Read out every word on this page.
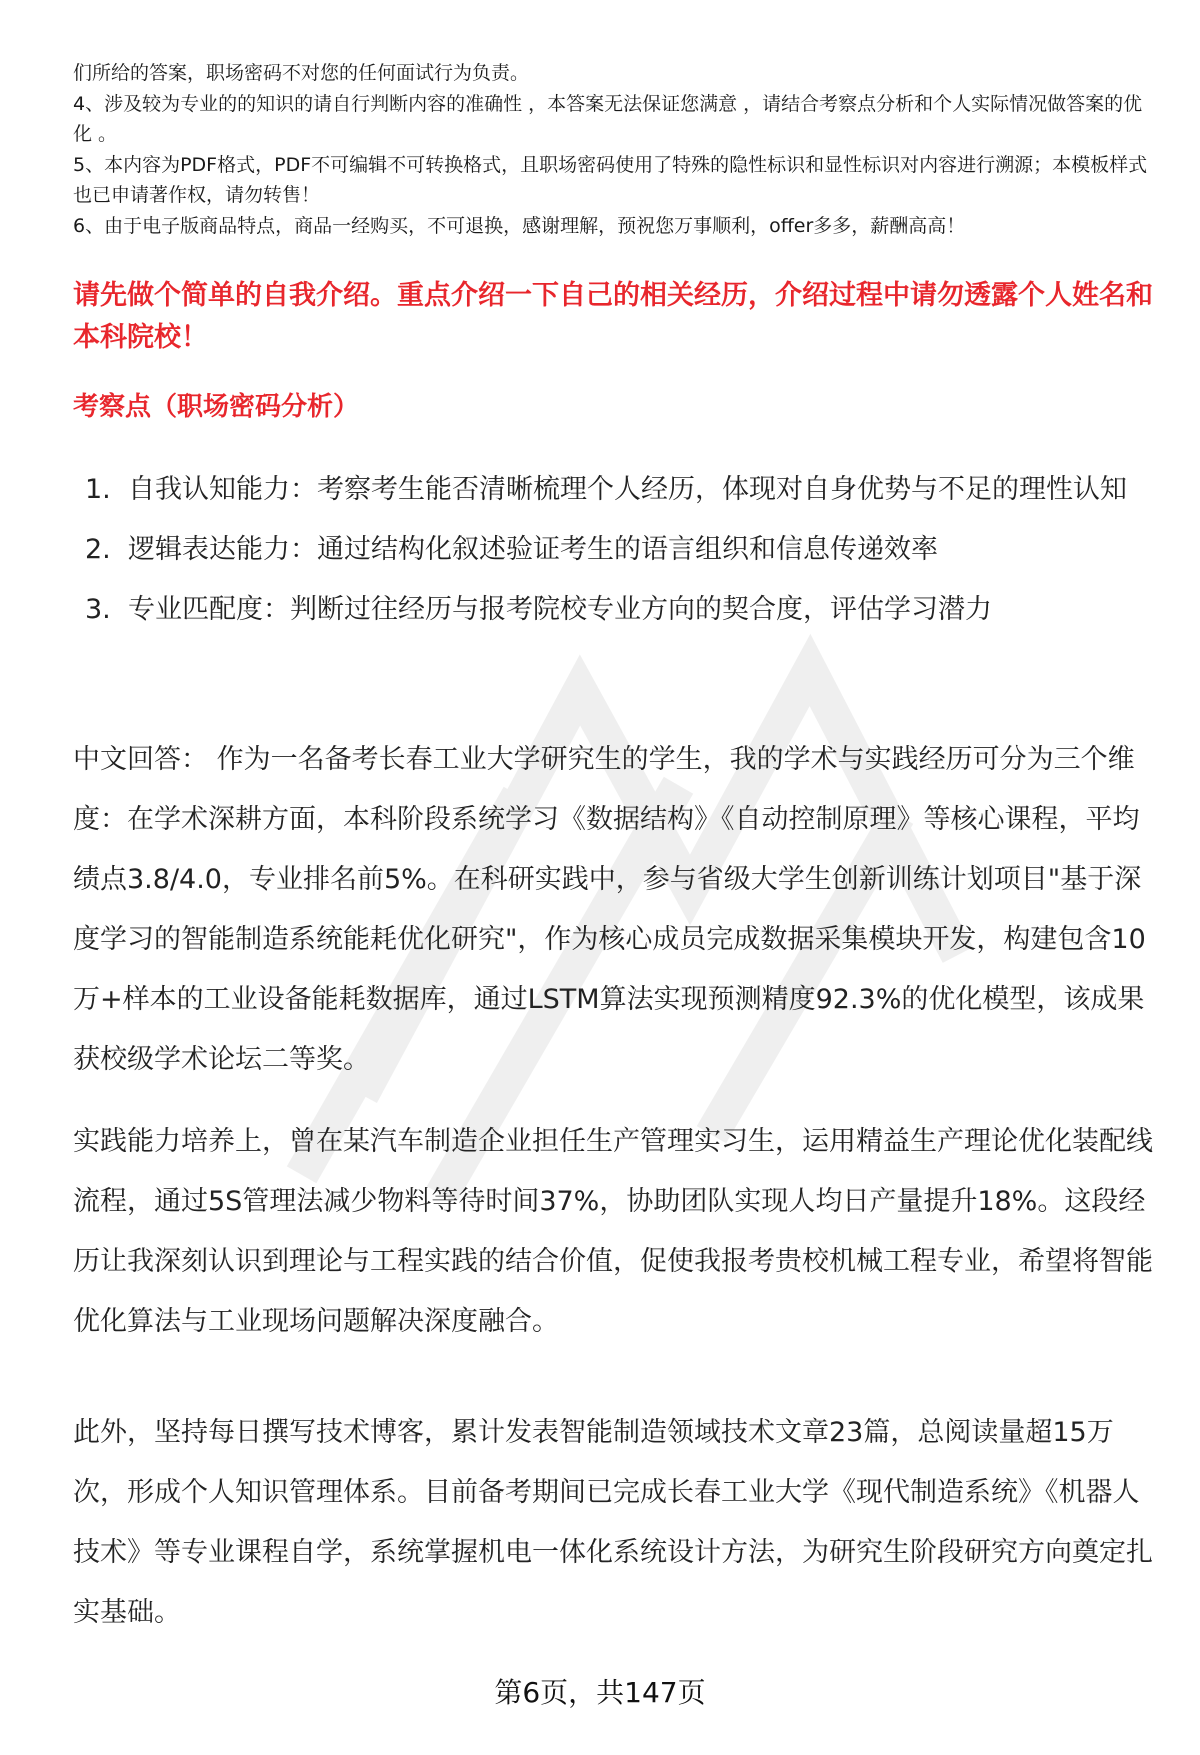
们所给的答案，职场密码不对您的任何面试行为负责。

4、涉及较为专业的的知识的请自行判断内容的准确性 ，本答案无法保证您满意 ，请结合考察点分析和个人实际情况做答案的优化 。

5、本内容为PDF格式，PDF不可编辑不可转换格式，且职场密码使用了特殊的隐性标识和显性标识对内容进行溯源；本模板样式也已申请著作权，请勿转售！

6、由于电子版商品特点，商品一经购买，不可退换，感谢理解，预祝您万事顺利，offer多多，薪酬高高！

请先做个简单的自我介绍。重点介绍一下自己的相关经历，介绍过程中请勿透露个人姓名和本科院校！
考察点（职场密码分析）
1. 自我认知能力：考察考生能否清晰梳理个人经历，体现对自身优势与不足的理性认知
2. 逻辑表达能力：通过结构化叙述验证考生的语言组织和信息传递效率
3. 专业匹配度：判断过往经历与报考院校专业方向的契合度，评估学习潜力

中文回答： 作为一名备考长春工业大学研究生的学生，我的学术与实践经历可分为三个维度：在学术深耕方面，本科阶段系统学习《数据结构》《自动控制原理》等核心课程，平均绩点3.8/4.0，专业排名前5%。在科研实践中，参与省级大学生创新训练计划项目"基于深度学习的智能制造系统能耗优化研究"，作为核心成员完成数据采集模块开发，构建包含10万+样本的工业设备能耗数据库，通过LSTM算法实现预测精度92.3%的优化模型，该成果获校级学术论坛二等奖。

实践能力培养上，曾在某汽车制造企业担任生产管理实习生，运用精益生产理论优化装配线流程，通过5S管理法减少物料等待时间37%，协助团队实现人均日产量提升18%。这段经历让我深刻认识到理论与工程实践的结合价值，促使我报考贵校机械工程专业，希望将智能优化算法与工业现场问题解决深度融合。

此外，坚持每日撰写技术博客，累计发表智能制造领域技术文章23篇，总阅读量超15万次，形成个人知识管理体系。目前备考期间已完成长春工业大学《现代制造系统》《机器人技术》等专业课程自学，系统掌握机电一体化系统设计方法，为研究生阶段研究方向奠定扎实基础。

第6页，共147页
